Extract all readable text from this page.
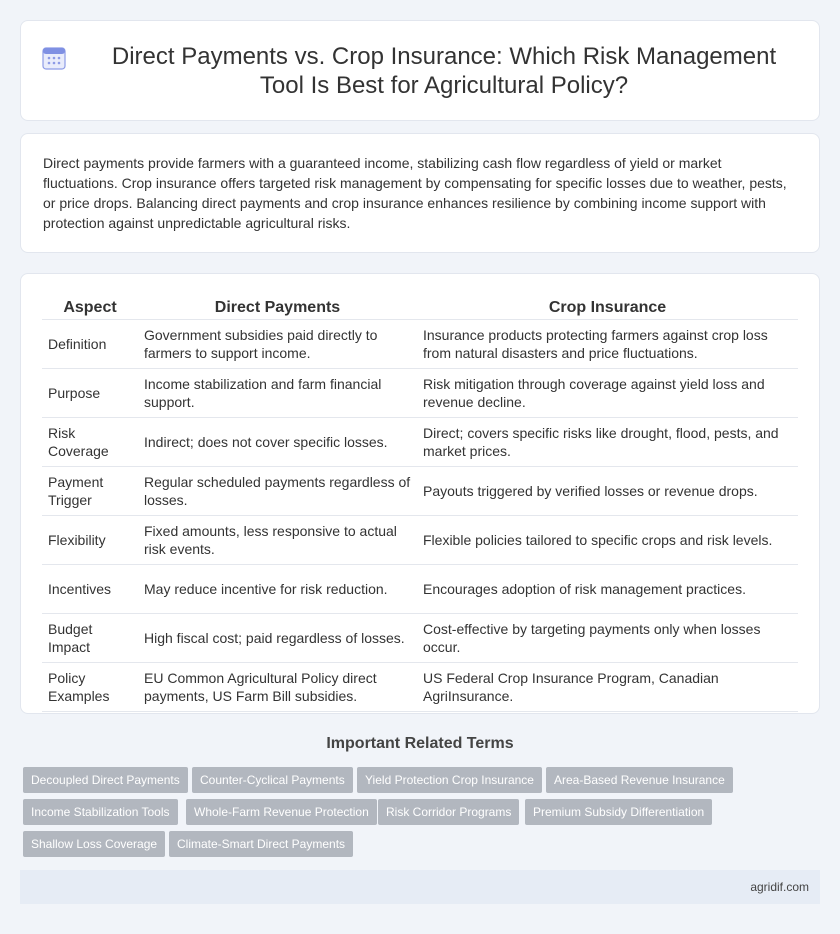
Direct Payments vs. Crop Insurance: Which Risk Management Tool Is Best for Agricultural Policy?

Direct payments provide farmers with a guaranteed income, stabilizing cash flow regardless of yield or market fluctuations. Crop insurance offers targeted risk management by compensating for specific losses due to weather, pests, or price drops. Balancing direct payments and crop insurance enhances resilience by combining income support with protection against unpredictable agricultural risks.

Aspect	Direct Payments	Crop Insurance
Definition	Government subsidies paid directly to farmers to support income.	Insurance products protecting farmers against crop loss from natural disasters and price fluctuations.
Purpose	Income stabilization and farm financial support.	Risk mitigation through coverage against yield loss and revenue decline.
Risk Coverage	Indirect; does not cover specific losses.	Direct; covers specific risks like drought, flood, pests, and market prices.
Payment Trigger	Regular scheduled payments regardless of losses.	Payouts triggered by verified losses or revenue drops.
Flexibility	Fixed amounts, less responsive to actual risk events.	Flexible policies tailored to specific crops and risk levels.
Incentives	May reduce incentive for risk reduction.	Encourages adoption of risk management practices.
Budget Impact	High fiscal cost; paid regardless of losses.	Cost-effective by targeting payments only when losses occur.
Policy Examples	EU Common Agricultural Policy direct payments, US Farm Bill subsidies.	US Federal Crop Insurance Program, Canadian AgriInsurance.
Important Related Terms
Decoupled Direct Payments	Counter-Cyclical Payments	Yield Protection Crop Insurance	Area-Based Revenue Insurance
Income Stabilization Tools	Whole-Farm Revenue Protection	Risk Corridor Programs	Premium Subsidy Differentiation
Shallow Loss Coverage	Climate-Smart Direct Payments
agridif.com
